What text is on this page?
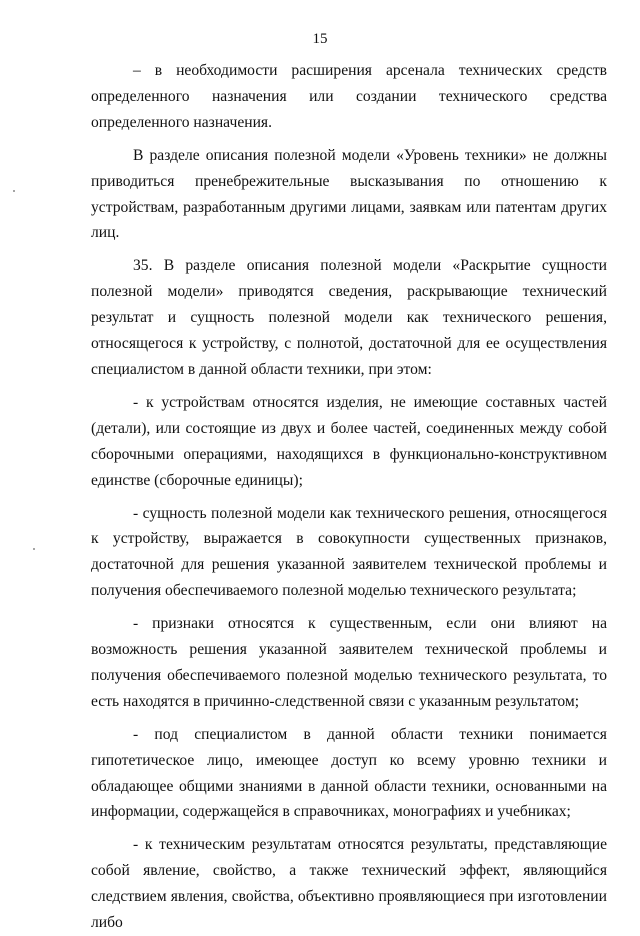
15

– в необходимости расширения арсенала технических средств определенного назначения или создании технического средства определенного назначения.

В разделе описания полезной модели «Уровень техники» не должны приводиться пренебрежительные высказывания по отношению к устройствам, разработанным другими лицами, заявкам или патентам других лиц.

35. В разделе описания полезной модели «Раскрытие сущности полезной модели» приводятся сведения, раскрывающие технический результат и сущность полезной модели как технического решения, относящегося к устройству, с полнотой, достаточной для ее осуществления специалистом в данной области техники, при этом:

- к устройствам относятся изделия, не имеющие составных частей (детали), или состоящие из двух и более частей, соединенных между собой сборочными операциями, находящихся в функционально-конструктивном единстве (сборочные единицы);

- сущность полезной модели как технического решения, относящегося к устройству, выражается в совокупности существенных признаков, достаточной для решения указанной заявителем технической проблемы и получения обеспечиваемого полезной моделью технического результата;

- признаки относятся к существенным, если они влияют на возможность решения указанной заявителем технической проблемы и получения обеспечиваемого полезной моделью технического результата, то есть находятся в причинно-следственной связи с указанным результатом;

- под специалистом в данной области техники понимается гипотетическое лицо, имеющее доступ ко всему уровню техники и обладающее общими знаниями в данной области техники, основанными на информации, содержащейся в справочниках, монографиях и учебниках;

- к техническим результатам относятся результаты, представляющие собой явление, свойство, а также технический эффект, являющийся следствием явления, свойства, объективно проявляющиеся при изготовлении либо
